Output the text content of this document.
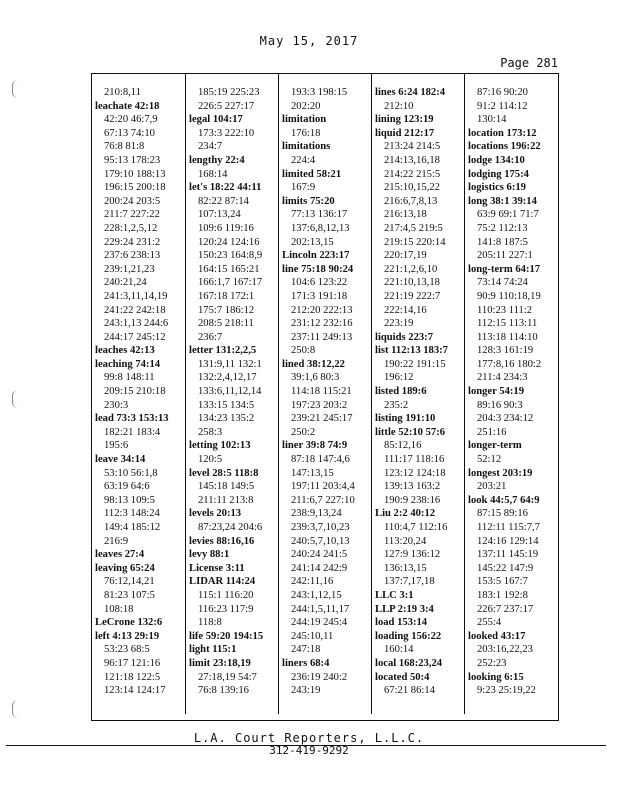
May 15, 2017
Page 281
210:8,11
leachate 42:18
42:20 46:7,9
67:13 74:10
76:8 81:8
95:13 178:23
179:10 188:13
196:15 200:18
200:24 203:5
211:7 227:22
228:1,2,5,12
229:24 231:2
237:6 238:13
239:1,21,23
240:21,24
241:3,11,14,19
241:22 242:18
243:1,13 244:6
244:17 245:12
leaches 42:13
leaching 74:14
99:8 148:11
209:15 210:18
230:3
lead 73:3 153:13
182:21 183:4
195:6
leave 34:14
53:10 56:1,8
63:19 64:6
98:13 109:5
112:3 148:24
149:4 185:12
216:9
leaves 27:4
leaving 65:24
76:12,14,21
81:23 107:5
108:18
LeCrone 132:6
left 4:13 29:19
53:23 68:5
96:17 121:16
121:18 122:5
123:14 124:17
185:19 225:23
226:5 227:17
legal 104:17
173:3 222:10
234:7
lengthy 22:4
168:14
let's 18:22 44:11
82:22 87:14
107:13,24
109:6 119:16
120:24 124:16
150:23 164:8,9
164:15 165:21
166:1,7 167:17
167:18 172:1
175:7 186:12
208:5 218:11
236:7
letter 131:2,2,5
131:9,11 132:1
132:2,4,12,17
133:6,11,12,14
133:15 134:5
134:23 135:2
258:3
letting 102:13
120:5
level 28:5 118:8
145:18 149:5
211:11 213:8
levels 20:13
87:23,24 204:6
levies 88:16,16
levy 88:1
License 3:11
LIDAR 114:24
115:1 116:20
116:23 117:9
118:8
life 59:20 194:15
light 115:1
limit 23:18,19
27:18,19 54:7
76:8 139:16
193:3 198:15
202:20
limitation
176:18
limitations
224:4
limited 58:21
167:9
limits 75:20
77:13 136:17
137:6,8,12,13
202:13,15
Lincoln 223:17
line 75:18 90:24
104:6 123:22
171:3 191:18
212:20 222:13
231:12 232:16
237:11 249:13
250:8
lined 38:12,22
39:1,6 80:3
114:18 115:21
197:23 203:2
239:21 245:17
250:2
liner 39:8 74:9
87:18 147:4,6
147:13,15
197:11 203:4,4
211:6,7 227:10
238:9,13,24
239:3,7,10,23
240:5,7,10,13
240:24 241:5
241:14 242:9
242:11,16
243:1,12,15
244:1,5,11,17
244:19 245:4
245:10,11
247:18
liners 68:4
236:19 240:2
243:19
lines 6:24 182:4
212:10
lining 123:19
liquid 212:17
213:24 214:5
214:13,16,18
214:22 215:5
215:10,15,22
216:6,7,8,13
216:13,18
217:4,5 219:5
219:15 220:14
220:17,19
221:1,2,6,10
221:10,13,18
221:19 222:7
222:14,16
223:19
liquids 223:7
list 112:13 183:7
190:22 191:15
196:12
listed 189:6
235:2
listing 191:10
little 52:10 57:6
85:12,16
111:17 118:16
123:12 124:18
139:13 163:2
190:9 238:16
Liu 2:2 40:12
110:4,7 112:16
113:20,24
127:9 136:12
136:13,15
137:7,17,18
LLC 3:1
LLP 2:19 3:4
load 153:14
loading 156:22
160:14
local 168:23,24
located 50:4
67:21 86:14
87:16 90:20
91:2 114:12
130:14
location 173:12
locations 196:22
lodge 134:10
lodging 175:4
logistics 6:19
long 38:1 39:14
63:9 69:1 71:7
75:2 112:13
141:8 187:5
205:11 227:1
long-term 64:17
73:14 74:24
90:9 110:18,19
110:23 111:2
112:15 113:11
113:18 114:10
128:3 161:19
177:8,16 180:2
211:4 234:3
longer 54:19
89:16 90:3
204:3 234:12
251:16
longer-term
52:12
longest 203:19
203:21
look 44:5,7 64:9
87:15 89:16
112:11 115:7,7
124:16 129:14
137:11 145:19
145:22 147:9
153:5 167:7
183:1 192:8
226:7 237:17
255:4
looked 43:17
203:16,22,23
252:23
looking 6:15
9:23 25:19,22
L.A. Court Reporters, L.L.C.
312-419-9292
